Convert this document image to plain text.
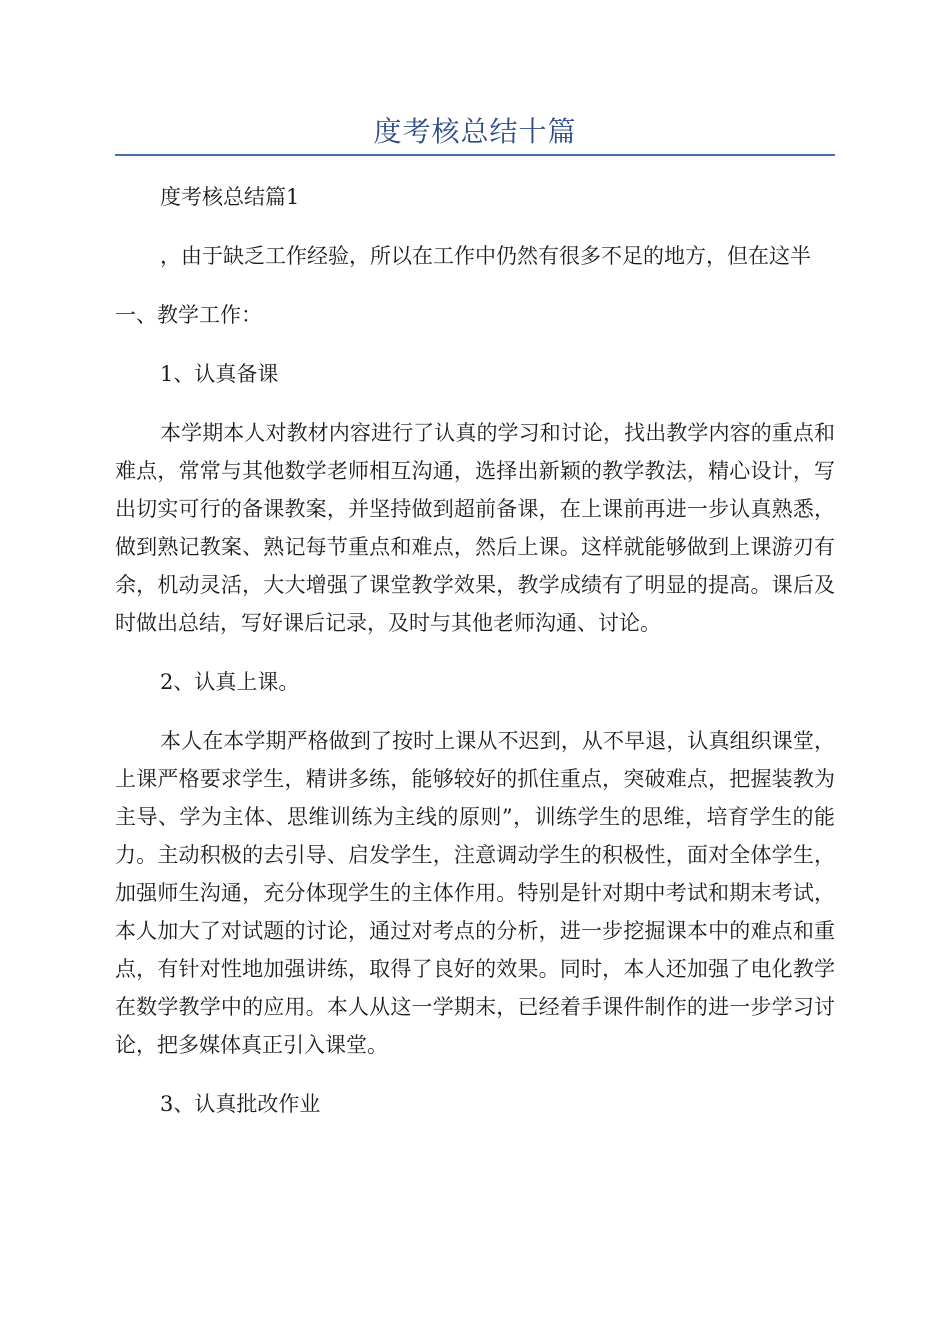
度考核总结十篇

度考核总结篇1

，由于缺乏工作经验，所以在工作中仍然有很多不足的地方，但在这半

一、教学工作：

1、认真备课

本学期本人对教材内容进行了认真的学习和讨论，找出教学内容的重点和难点，常常与其他数学老师相互沟通，选择出新颖的教学教法，精心设计，写出切实可行的备课教案，并坚持做到超前备课，在上课前再进一步认真熟悉，做到熟记教案、熟记每节重点和难点，然后上课。这样就能够做到上课游刃有余，机动灵活，大大增强了课堂教学效果，教学成绩有了明显的提高。课后及时做出总结，写好课后记录，及时与其他老师沟通、讨论。

2、认真上课。

本人在本学期严格做到了按时上课从不迟到，从不早退，认真组织课堂，上课严格要求学生，精讲多练，能够较好的抓住重点，突破难点，把握装教为主导、学为主体、思维训练为主线的原则”，训练学生的思维，培育学生的能力。主动积极的去引导、启发学生，注意调动学生的积极性，面对全体学生，加强师生沟通，充分体现学生的主体作用。特别是针对期中考试和期末考试，本人加大了对试题的讨论，通过对考点的分析，进一步挖掘课本中的难点和重点，有针对性地加强讲练，取得了良好的效果。同时，本人还加强了电化教学在数学教学中的应用。本人从这一学期末，已经着手课件制作的进一步学习讨论，把多媒体真正引入课堂。

3、认真批改作业
